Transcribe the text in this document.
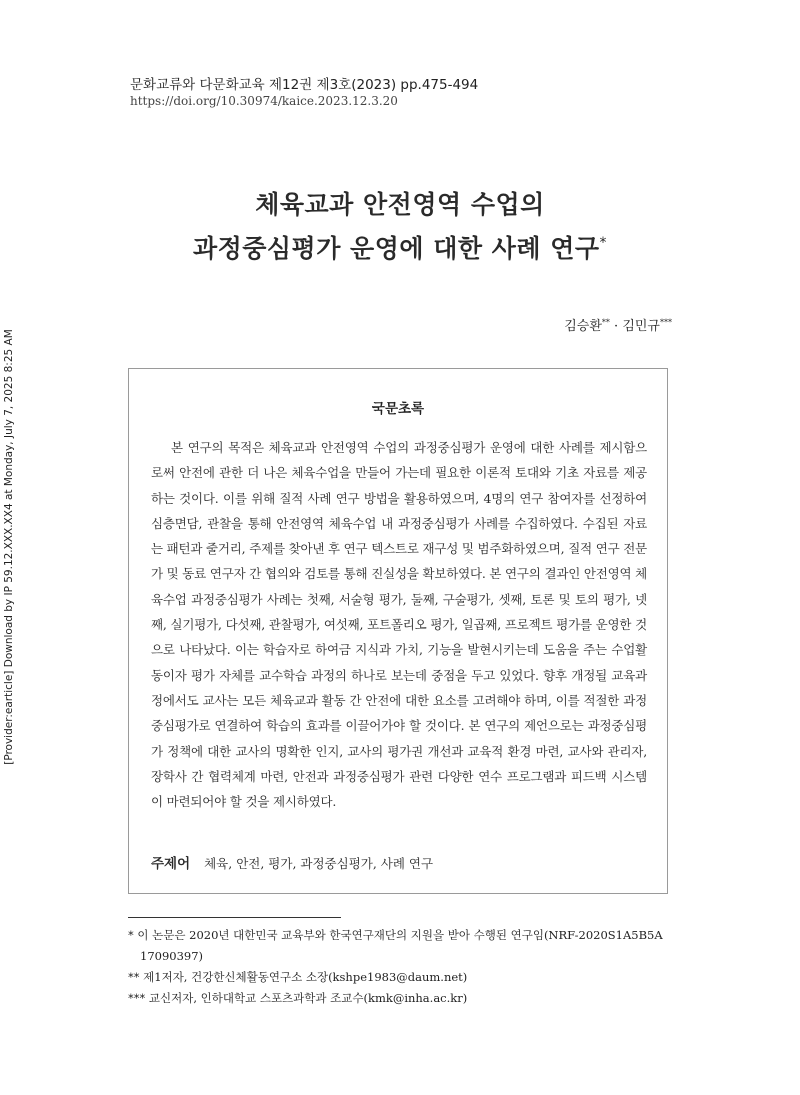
[Provider:earticle] Download by IP 59.12.XXX.XX4 at Monday, July 7, 2025 8:25 AM
문화교류와 다문화교육 제12권 제3호(2023) pp.475-494
https://doi.org/10.30974/kaice.2023.12.3.20
체육교과 안전영역 수업의
과정중심평가 운영에 대한 사례 연구*
김승환** · 김민규***
국문초록

본 연구의 목적은 체육교과 안전영역 수업의 과정중심평가 운영에 대한 사례를 제시함으로써 안전에 관한 더 나은 체육수업을 만들어 가는데 필요한 이론적 토대와 기초 자료를 제공하는 것이다. 이를 위해 질적 사례 연구 방법을 활용하였으며, 4명의 연구 참여자를 선정하여 심층면담, 관찰을 통해 안전영역 체육수업 내 과정중심평가 사례를 수집하였다. 수집된 자료는 패턴과 줄거리, 주제를 찾아낸 후 연구 텍스트로 재구성 및 범주화하였으며, 질적 연구 전문가 및 동료 연구자 간 협의와 검토를 통해 진실성을 확보하였다. 본 연구의 결과인 안전영역 체육수업 과정중심평가 사례는 첫째, 서술형 평가, 둘째, 구술평가, 셋째, 토론 및 토의 평가, 넷째, 실기평가, 다섯째, 관찰평가, 여섯째, 포트폴리오 평가, 일곱째, 프로젝트 평가를 운영한 것으로 나타났다. 이는 학습자로 하여금 지식과 가치, 기능을 발현시키는데 도움을 주는 수업활동이자 평가 자체를 교수학습 과정의 하나로 보는데 중점을 두고 있었다. 향후 개정될 교육과정에서도 교사는 모든 체육교과 활동 간 안전에 대한 요소를 고려해야 하며, 이를 적절한 과정중심평가로 연결하여 학습의 효과를 이끌어가야 할 것이다. 본 연구의 제언으로는 과정중심평가 정책에 대한 교사의 명확한 인지, 교사의 평가권 개선과 교육적 환경 마련, 교사와 관리자, 장학사 간 협력체계 마련, 안전과 과정중심평가 관련 다양한 연수 프로그램과 피드백 시스템이 마련되어야 할 것을 제시하였다.

주제어 체육, 안전, 평가, 과정중심평가, 사례 연구
* 이 논문은 2020년 대한민국 교육부와 한국연구재단의 지원을 받아 수행된 연구임(NRF-2020S1A5B5A
17090397)
** 제1저자, 건강한신체활동연구소 소장(kshpe1983@daum.net)
*** 교신저자, 인하대학교 스포츠과학과 조교수(kmk@inha.ac.kr)
